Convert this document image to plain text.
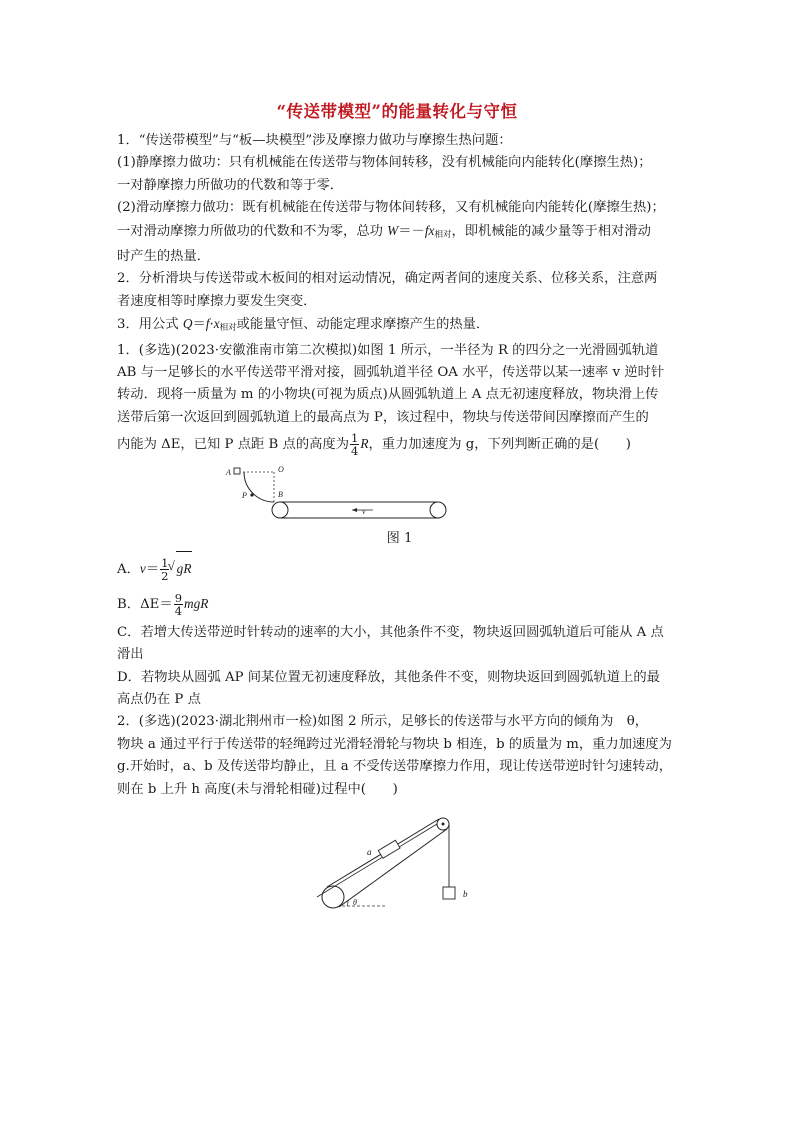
“传送带模型”的能量转化与守恒

1．“传送带模型”与“板—块模型”涉及摩擦力做功与摩擦生热问题：

(1)静摩擦力做功：只有机械能在传送带与物体间转移，没有机械能向内能转化(摩擦生热)；

一对静摩擦力所做功的代数和等于零．

(2)滑动摩擦力做功：既有机械能在传送带与物体间转移，又有机械能向内能转化(摩擦生热)；

一对滑动摩擦力所做功的代数和不为零，总功 $W=-fx_{相对}$，即机械能的减少量等于相对滑动

时产生的热量．

2．分析滑块与传送带或木板间的相对运动情况，确定两者间的速度关系、位移关系，注意两

者速度相等时摩擦力要发生突变．

3．用公式 $Q=f\cdot x_{相对}$或能量守恒、动能定理求摩擦产生的热量．

1．(多选)(2023·安徽淮南市第二次模拟)如图 1 所示，一半径为 R 的四分之一光滑圆弧轨道

AB 与一足够长的水平传送带平滑对接，圆弧轨道半径 OA 水平，传送带以某一速率 v 逆时针

转动．现将一质量为 m 的小物块(可视为质点)从圆弧轨道上 A 点无初速度释放，物块滑上传

送带后第一次返回到圆弧轨道上的最高点为 P，该过程中，物块与传送带间因摩擦而产生的

内能为 ΔE，已知 P 点距 B 点的高度为 $\frac{1}{4}$ R，重力加速度为 g，下列判断正确的是(　　)

A	O
B
P
v

图 1

A．$v= \frac{1}{2}$
√ gR

B．$\Delta E= \frac{9}{4}$ mgR

C．若增大传送带逆时针转动的速率的大小，其他条件不变，物块返回圆弧轨道后可能从 A 点

滑出

D．若物块从圆弧 AP 间某位置无初速度释放，其他条件不变，则物块返回到圆弧轨道上的最

高点仍在 P 点

2．(多选)(2023·湖北荆州市一检)如图 2 所示，足够长的传送带与水平方向的倾角为　θ，

物块 a 通过平行于传送带的轻绳跨过光滑轻滑轮与物块 b 相连，b 的质量为 m，重力加速度为

g.开始时，a、b 及传送带均静止，且 a 不受传送带摩擦力作用，现让传送带逆时针匀速转动，

则在 b 上升 h 高度(未与滑轮相碰)过程中(　　)

a
b
θ
